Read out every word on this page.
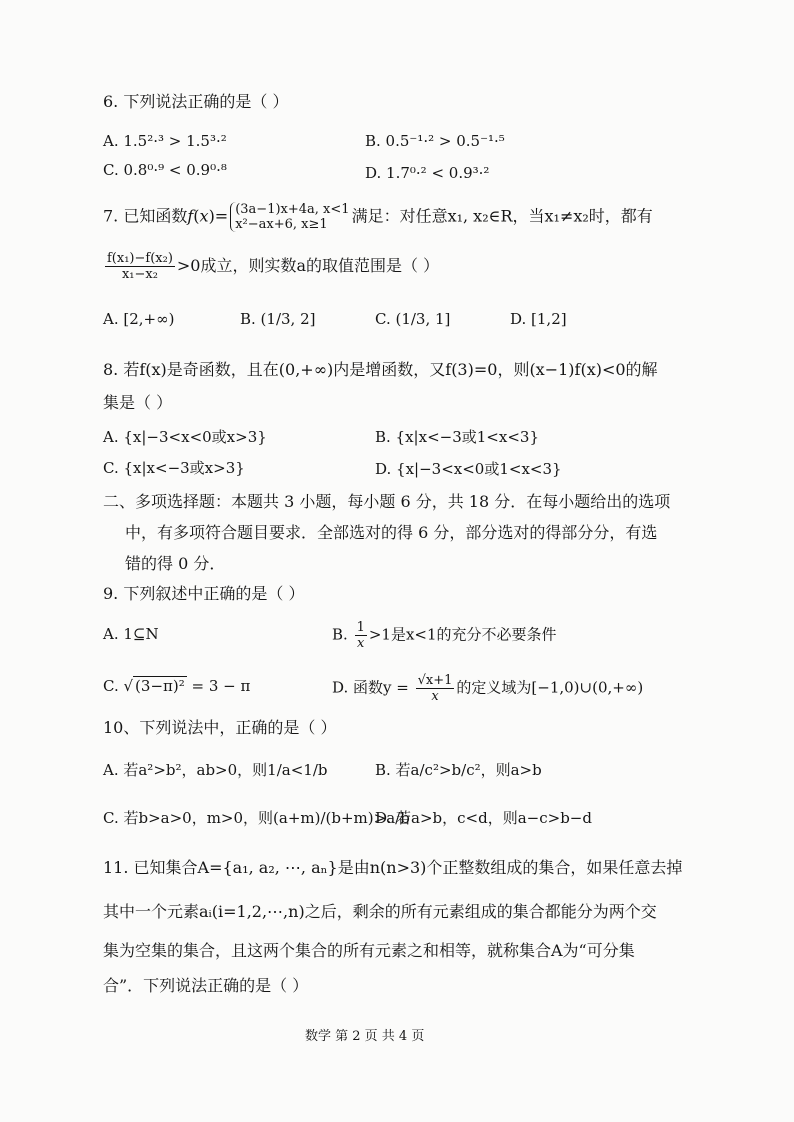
6. 下列说法正确的是（ ）
A. 1.5²·³ > 1.5³·²	B. 0.5⁻¹·² > 0.5⁻¹·⁵
C. 0.8⁰·⁹ < 0.9⁰·⁸	D. 1.7⁰·² < 0.9³·²
7. 已知函数f(x)= (3a−1)x+4a, x<1
x²−ax+6, x≥1	满足：对任意x₁, x₂∈R，当x₁≠x₂时，都有
$\frac{\text{f(x₁)−f(x₂)}}{\text{x₁−x₂}} >0$成立，则实数a的取值范围是（ ）
A. [2,+∞)	B. (1/3, 2]	C. (1/3, 1]	D. [1,2]
8. 若f(x)是奇函数，且在(0,+∞)内是增函数，又f(3)=0，则(x−1)f(x)<0的解
集是（ ）
A. {x|−3<x<0或x>3}	B. {x|x<−3或1<x<3}
C. {x|x<−3或x>3}	D. {x|−3<x<0或1<x<3}
二、多项选择题：本题共 3 小题，每小题 6 分，共 18 分．在每小题给出的选项
中，有多项符合题目要求．全部选对的得 6 分，部分选对的得部分分，有选
错的得 0 分．
9. 下列叙述中正确的是（ ）
A. 1⊆N	B. $\frac{1}{x} >1$是x<1的充分不必要条件
C. √ (3−π)² = 3 − π	D. 函数$y = \frac{√x+1}{x}$ 的定义域为[−1,0)∪(0,+∞)
10、下列说法中，正确的是（ ）
A. 若a²>b²，ab>0，则1/a<1/b	B. 若a/c²>b/c²，则a>b
C. 若b>a>0，m>0，则(a+m)/(b+m)>a/b
D. 若a>b，c<d，则a−c>b−d
11. 已知集合A={a₁, a₂, ⋯, aₙ}是由n(n>3)个正整数组成的集合，如果任意去掉
其中一个元素aᵢ(i=1,2,⋯,n)之后，剩余的所有元素组成的集合都能分为两个交
集为空集的集合，且这两个集合的所有元素之和相等，就称集合A为“可分集
合”．下列说法正确的是（ ）
数学 第 2 页 共 4 页
